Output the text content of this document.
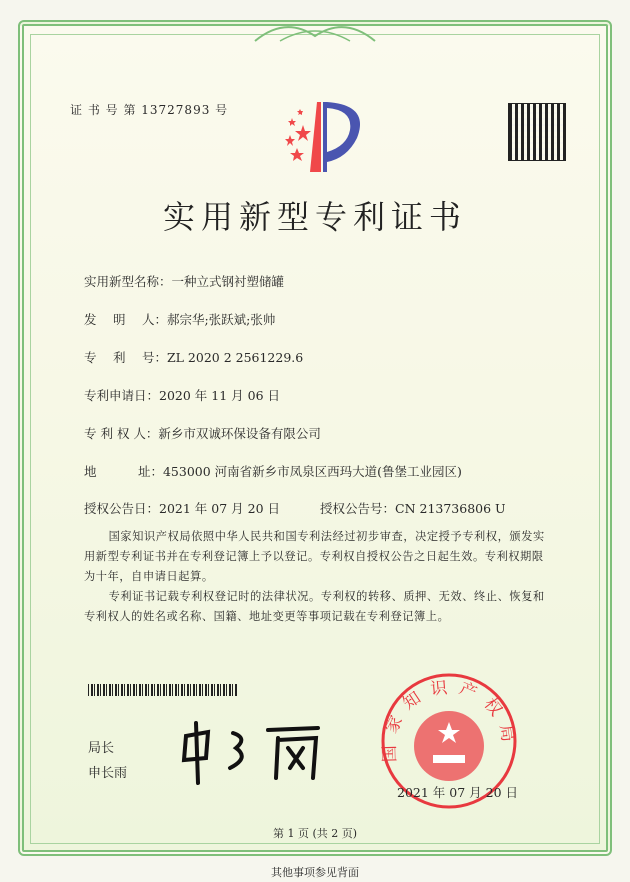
证 书 号 第 13727893 号
实用新型专利证书
实用新型名称：一种立式钢衬塑储罐
发　 明　 人：郝宗华;张跃斌;张帅
专　 利　 号：ZL 2020 2 2561229.6
专利申请日：2020 年 11 月 06 日
专 利 权 人：新乡市双诚环保设备有限公司
地　　　 址：453000 河南省新乡市凤泉区西玛大道(鲁堡工业园区)
授权公告日：2021 年 07 月 20 日	授权公告号：CN 213736806 U
国家知识产权局依照中华人民共和国专利法经过初步审查，决定授予专利权，颁发实用新型专利证书并在专利登记簿上予以登记。专利权自授权公告之日起生效。专利权期限为十年，自申请日起算。
专利证书记载专利权登记时的法律状况。专利权的转移、质押、无效、终止、恢复和专利权人的姓名或名称、国籍、地址变更等事项记载在专利登记簿上。
局长
申长雨
国家知识产权局
2021 年 07 月 20 日
第 1 页 (共 2 页)
其他事项参见背面
